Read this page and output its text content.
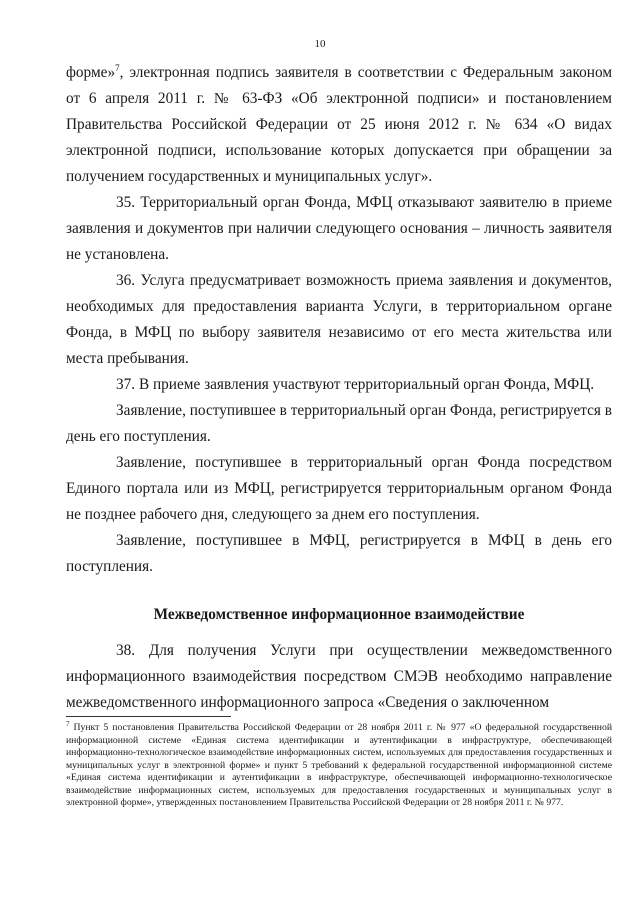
10

форме»$^7$, электронная подпись заявителя в соответствии с Федеральным законом от 6 апреля 2011 г. № 63-ФЗ «Об электронной подписи» и постановлением Правительства Российской Федерации от 25 июня 2012 г. № 634 «О видах электронной подписи, использование которых допускается при обращении за получением государственных и муниципальных услуг».

35. Территориальный орган Фонда, МФЦ отказывают заявителю в приеме заявления и документов при наличии следующего основания – личность заявителя не установлена.

36. Услуга предусматривает возможность приема заявления и документов, необходимых для предоставления варианта Услуги, в территориальном органе Фонда, в МФЦ по выбору заявителя независимо от его места жительства или места пребывания.

37. В приеме заявления участвуют территориальный орган Фонда, МФЦ.

Заявление, поступившее в территориальный орган Фонда, регистрируется в день его поступления.

Заявление, поступившее в территориальный орган Фонда посредством Единого портала или из МФЦ, регистрируется территориальным органом Фонда не позднее рабочего дня, следующего за днем его поступления.

Заявление, поступившее в МФЦ, регистрируется в МФЦ в день его поступления.

Межведомственное информационное взаимодействие

38. Для получения Услуги при осуществлении межведомственного информационного взаимодействия посредством СМЭВ необходимо направление межведомственного информационного запроса «Сведения о заключенном

$^7$ Пункт 5 постановления Правительства Российской Федерации от 28 ноября 2011 г. № 977 «О федеральной государственной информационной системе «Единая система идентификации и аутентификации в инфраструктуре, обеспечивающей информационно-технологическое взаимодействие информационных систем, используемых для предоставления государственных и муниципальных услуг в электронной форме» и пункт 5 требований к федеральной государственной информационной системе «Единая система идентификации и аутентификации в инфраструктуре, обеспечивающей информационно-технологическое взаимодействие информационных систем, используемых для предоставления государственных и муниципальных услуг в электронной форме», утвержденных постановлением Правительства Российской Федерации от 28 ноября 2011 г. № 977.
